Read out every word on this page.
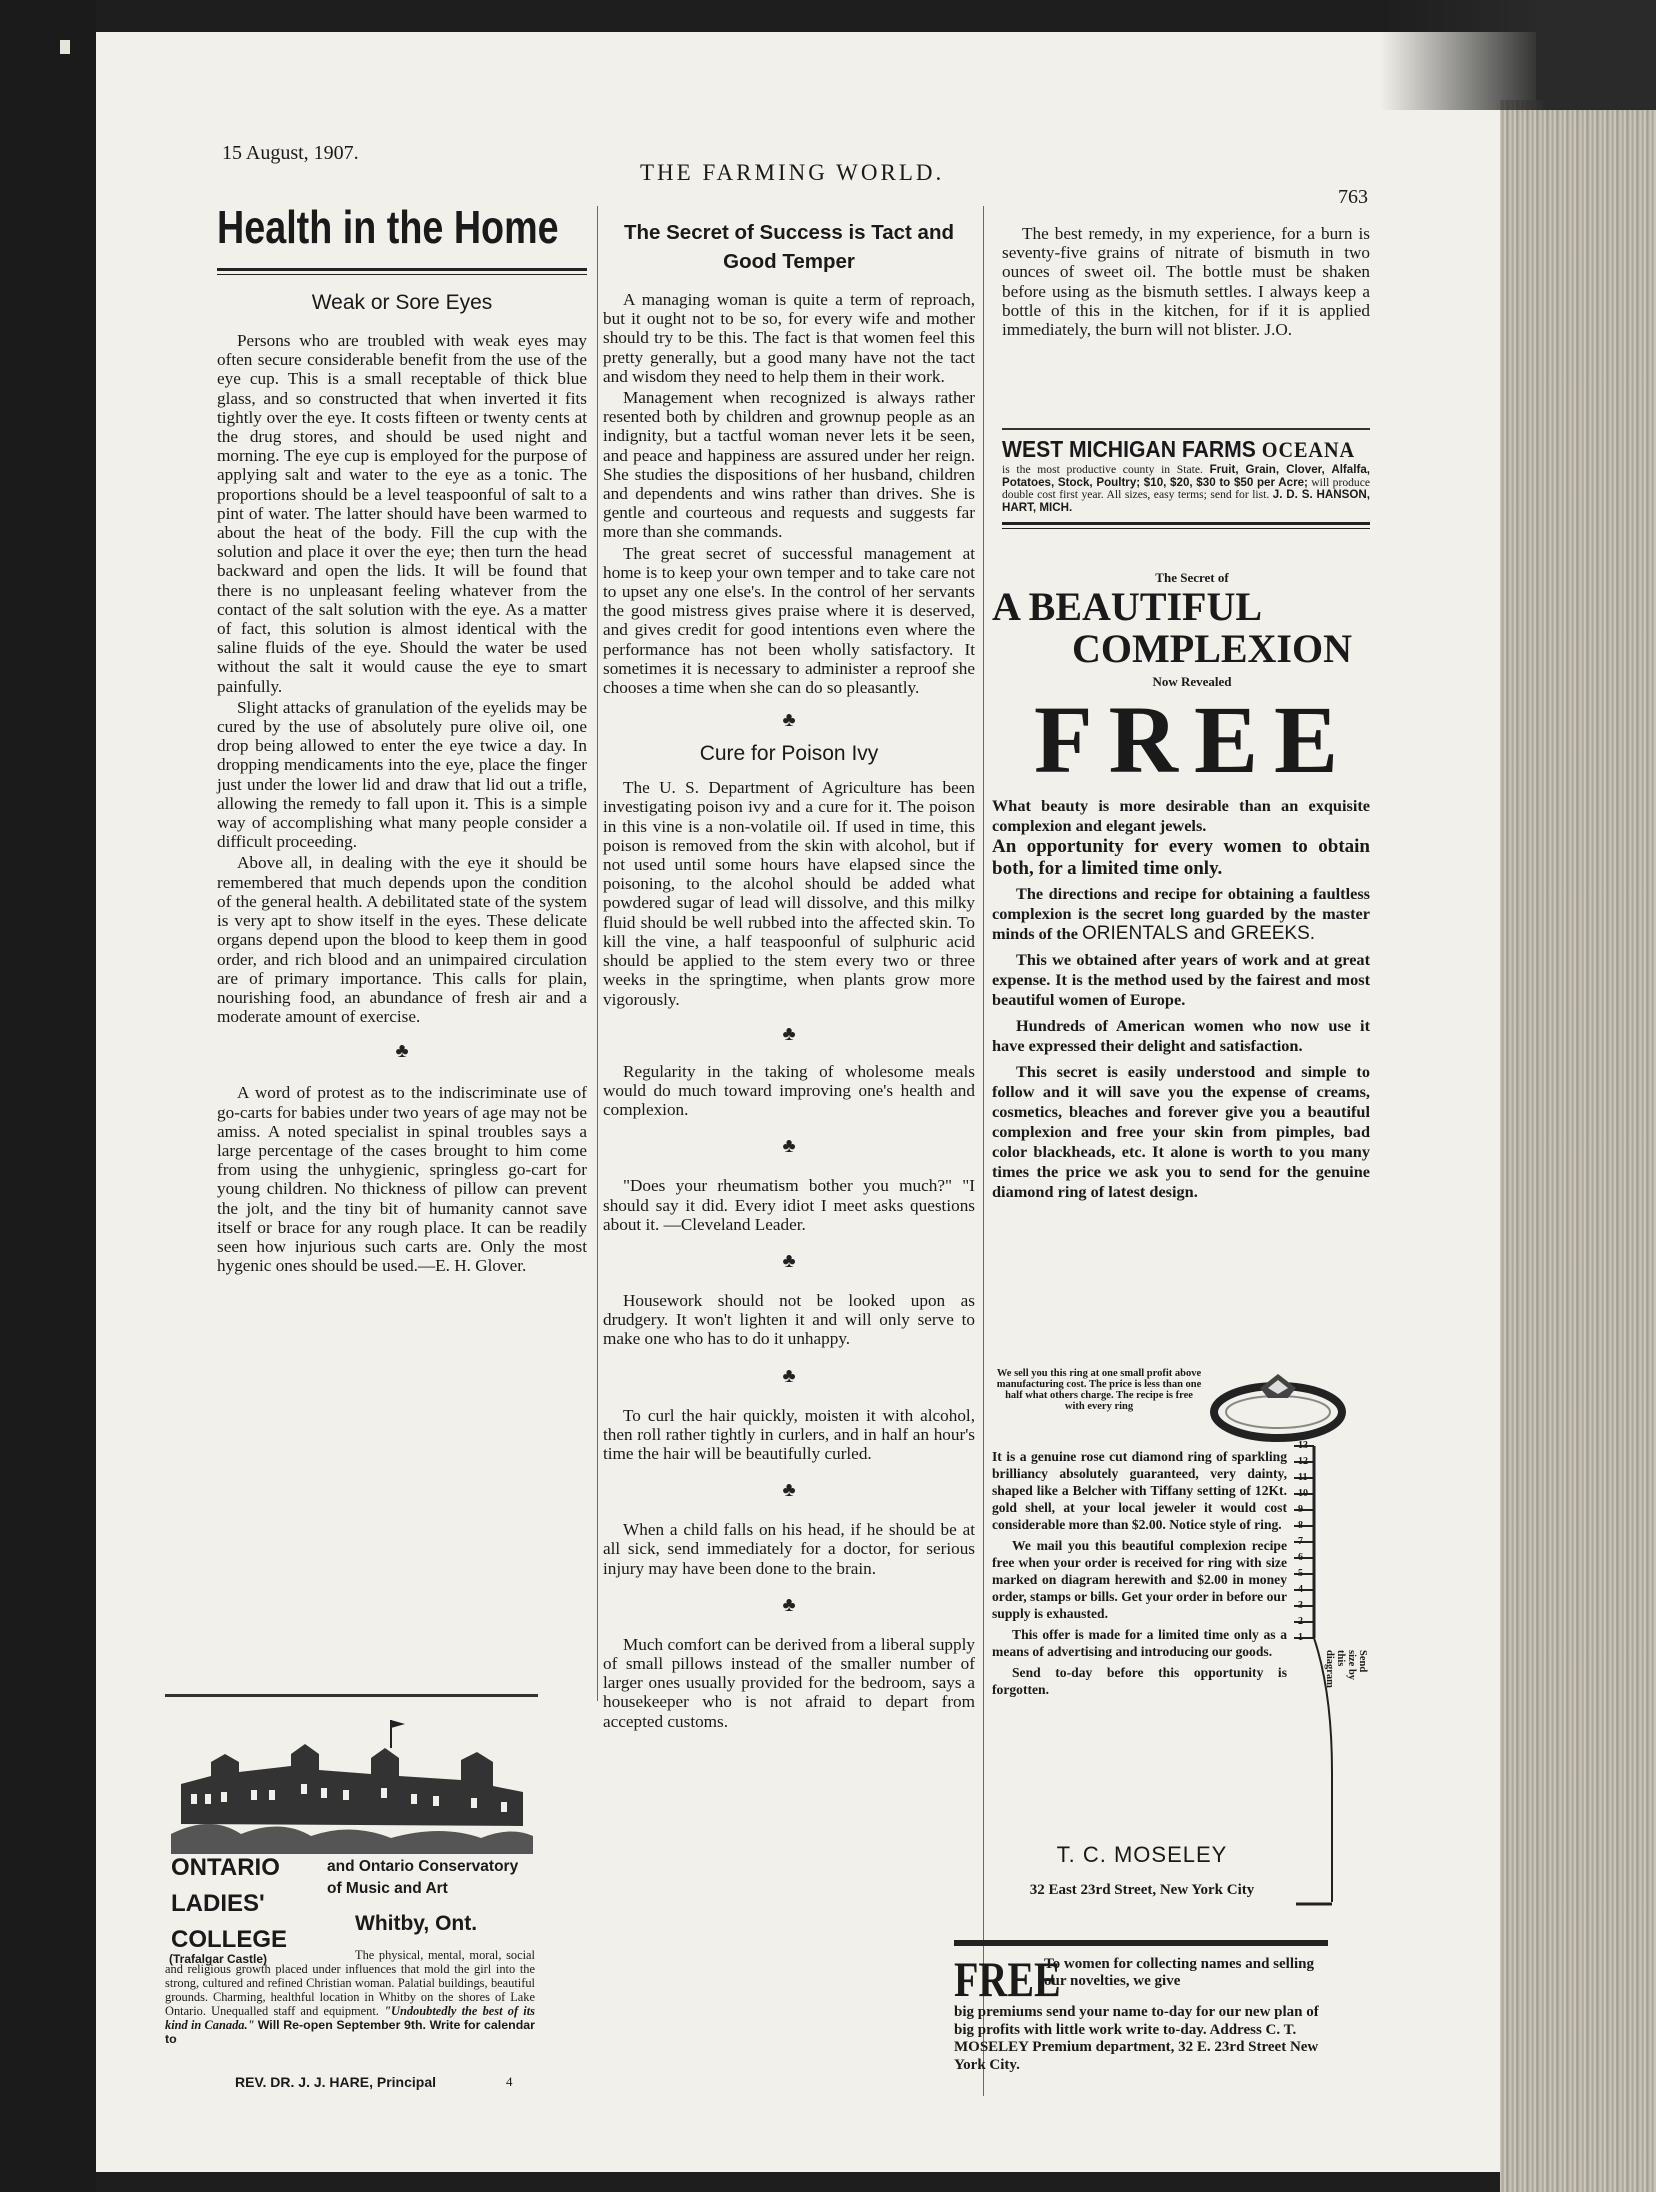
15 August, 1907.
THE FARMING WORLD.
763
Health in the Home
Weak or Sore Eyes

Persons who are troubled with weak eyes may often secure considerable benefit from the use of the eye cup. This is a small receptable of thick blue glass, and so constructed that when inverted it fits tightly over the eye. It costs fifteen or twenty cents at the drug stores, and should be used night and morning. The eye cup is employed for the purpose of applying salt and water to the eye as a tonic. The proportions should be a level teaspoonful of salt to a pint of water. The latter should have been warmed to about the heat of the body. Fill the cup with the solution and place it over the eye; then turn the head backward and open the lids. It will be found that there is no unpleasant feeling whatever from the contact of the salt solution with the eye. As a matter of fact, this solution is almost identical with the saline fluids of the eye. Should the water be used without the salt it would cause the eye to smart painfully.

Slight attacks of granulation of the eyelids may be cured by the use of absolutely pure olive oil, one drop being allowed to enter the eye twice a day. In dropping mendicaments into the eye, place the finger just under the lower lid and draw that lid out a trifle, allowing the remedy to fall upon it. This is a simple way of accomplishing what many people consider a difficult proceeding.

Above all, in dealing with the eye it should be remembered that much depends upon the condition of the general health. A debilitated state of the system is very apt to show itself in the eyes. These delicate organs depend upon the blood to keep them in good order, and rich blood and an unimpaired circulation are of primary importance. This calls for plain, nourishing food, an abundance of fresh air and a moderate amount of exercise.

♣

A word of protest as to the indiscriminate use of go-carts for babies under two years of age may not be amiss. A noted specialist in spinal troubles says a large percentage of the cases brought to him come from using the unhygienic, springless go-cart for young children. No thickness of pillow can prevent the jolt, and the tiny bit of humanity cannot save itself or brace for any rough place. It can be readily seen how injurious such carts are. Only the most hygenic ones should be used.—E. H. Glover.

ONTARIO
LADIES'
COLLEGE
and Ontario Conservatory of Music and Art
Whitby, Ont.
(Trafalgar Castle)	The physical, mental, moral, social and religious growth placed under influences that mold the girl into the strong, cultured and refined Christian woman. Palatial buildings, beautiful grounds. Charming, healthful location in Whitby on the shores of Lake Ontario. Unequalled staff and equipment. "Undoubtedly the best of its kind in Canada." Will Re-open September 9th. Write for calendar to
REV. DR. J. J. HARE, Principal	4
The Secret of Success is Tact and Good Temper

A managing woman is quite a term of reproach, but it ought not to be so, for every wife and mother should try to be this. The fact is that women feel this pretty generally, but a good many have not the tact and wisdom they need to help them in their work.

Management when recognized is always rather resented both by children and grownup people as an indignity, but a tactful woman never lets it be seen, and peace and happiness are assured under her reign. She studies the dispositions of her husband, children and dependents and wins rather than drives. She is gentle and courteous and requests and suggests far more than she commands.

The great secret of successful management at home is to keep your own temper and to take care not to upset any one else's. In the control of her servants the good mistress gives praise where it is deserved, and gives credit for good intentions even where the performance has not been wholly satisfactory. It sometimes it is necessary to administer a reproof she chooses a time when she can do so pleasantly.

♣
Cure for Poison Ivy

The U. S. Department of Agriculture has been investigating poison ivy and a cure for it. The poison in this vine is a non-volatile oil. If used in time, this poison is removed from the skin with alcohol, but if not used until some hours have elapsed since the poisoning, to the alcohol should be added what powdered sugar of lead will dissolve, and this milky fluid should be well rubbed into the affected skin. To kill the vine, a half teaspoonful of sulphuric acid should be applied to the stem every two or three weeks in the springtime, when plants grow more vigorously.

♣

Regularity in the taking of wholesome meals would do much toward improving one's health and complexion.

♣

"Does your rheumatism bother you much?" "I should say it did. Every idiot I meet asks questions about it. —Cleveland Leader.

♣

Housework should not be looked upon as drudgery. It won't lighten it and will only serve to make one who has to do it unhappy.

♣

To curl the hair quickly, moisten it with alcohol, then roll rather tightly in curlers, and in half an hour's time the hair will be beautifully curled.

♣

When a child falls on his head, if he should be at all sick, send immediately for a doctor, for serious injury may have been done to the brain.

♣

Much comfort can be derived from a liberal supply of small pillows instead of the smaller number of larger ones usually provided for the bedroom, says a housekeeper who is not afraid to depart from accepted customs.

The best remedy, in my experience, for a burn is seventy-five grains of nitrate of bismuth in two ounces of sweet oil. The bottle must be shaken before using as the bismuth settles. I always keep a bottle of this in the kitchen, for if it is applied immediately, the burn will not blister. J.O.

WEST MICHIGAN FARMS OCEANA
is the most productive county in State. Fruit, Grain, Clover, Alfalfa, Potatoes, Stock, Poultry; $10, $20, $30 to $50 per Acre; will produce double cost first year. All sizes, easy terms; send for list. J. D. S. HANSON, HART, MICH.
The Secret of
A BEAUTIFUL
COMPLEXION
Now Revealed
FREE

What beauty is more desirable than an exquisite complexion and elegant jewels.

An opportunity for every women to obtain both, for a limited time only.

The directions and recipe for obtaining a faultless complexion is the secret long guarded by the master minds of the ORIENTALS and GREEKS.

This we obtained after years of work and at great expense. It is the method used by the fairest and most beautiful women of Europe.

Hundreds of American women who now use it have expressed their delight and satisfaction.

This secret is easily understood and simple to follow and it will save you the expense of creams, cosmetics, bleaches and forever give you a beautiful complexion and free your skin from pimples, bad color blackheads, etc. It alone is worth to you many times the price we ask you to send for the genuine diamond ring of latest design.

We sell you this ring at one small profit above manufacturing cost. The price is less than one half what others charge. The recipe is free with every ring

It is a genuine rose cut diamond ring of sparkling brilliancy absolutely guaranteed, very dainty, shaped like a Belcher with Tiffany setting of 12Kt. gold shell, at your local jeweler it would cost considerable more than $2.00. Notice style of ring.

We mail you this beautiful complexion recipe free when your order is received for ring with size marked on diagram herewith and $2.00 in money order, stamps or bills. Get your order in before our supply is exhausted.

This offer is made for a limited time only as a means of advertising and introducing our goods.

Send to-day before this opportunity is forgotten.

13
12
11
10
9
8
7
6
5
4
3
2
1
Send size by this diagram
T. C. MOSELEY
32 East 23rd Street, New York City
FREE
To women for collecting names and selling our novelties, we give
big premiums send your name to-day for our new plan of big profits with little work write to-day. Address C. T. MOSELEY Premium department, 32 E. 23rd Street New York City.
